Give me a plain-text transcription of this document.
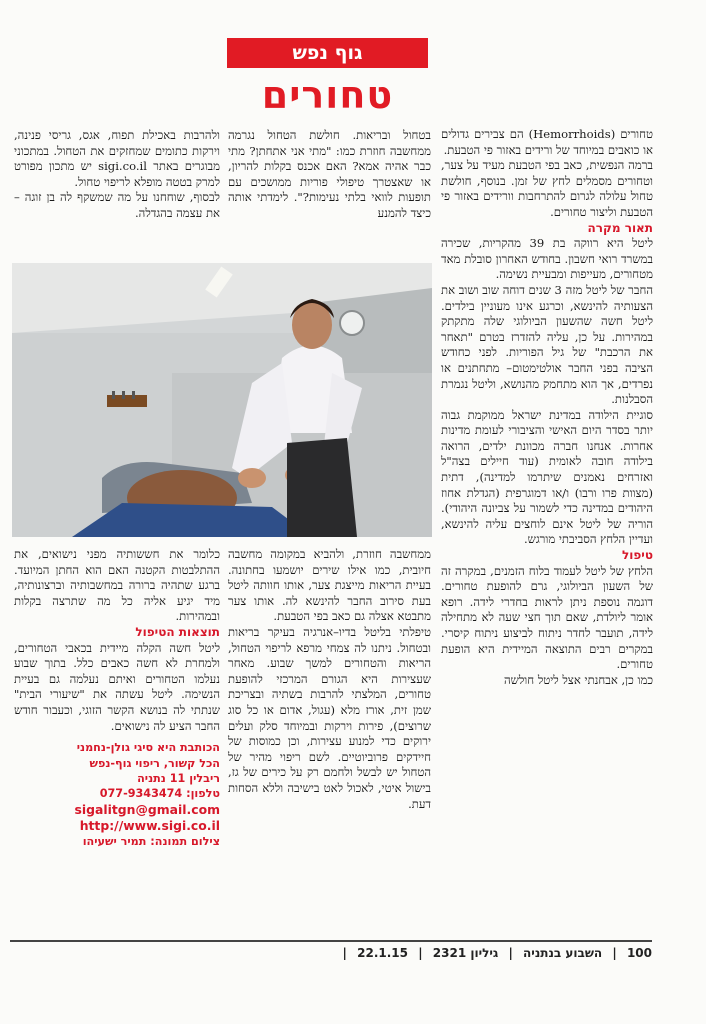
גוף נפש
טחורים

טחורים (Hemorrhoids) הם צבירים גדולים או כואבים במיוחד של ורידים באזור פי הטבעת.

ברמה הנפשית, כאב בפי הטבעת מעיד על צער, וטחורים מסמלים לחץ של זמן. בנוסף, חולשת טחול עלולה לגרום להתרחבות וורידים באזור פי הטבעת וליצור טחורים.

תאור מקרה

ליטל היא רווקה בת 39 מהקריות, שכירה במשרד רואי חשבון. בחודש האחרון סובלת מאד מטחורים, מעייפות ומבעיית נשימה.

החבר של ליטל מזה 3 שנים דוחה שוב ושוב את הצעותיה להינשא, וכרגע אינו מעוניין בילדים. ליטל חשה שהשעון הביולוגי שלה מתקתק במהירות. על כן, עליה להזדרז בטרם "תאחר את הרכבת" של גיל הפוריות. לפני כחודש הציבה בפני החבר אולטימטום– מתחתנים או נפרדים, אך הוא מתחמק מהנושא, וליטל נגמרת הסבלנות.

סוגיית הילודה במדינת ישראל ממוקמת גבוה יותר בסדר היום האישי והציבורי לעומת מדינות אחרות. אנחנו חברה מכוונת ילדים, הרואה בילודה חובה לאומית (עוד חיילים בצה"ל ואזרחים נאמנים שיתרמו למדינה), דתית (מצוות פרו ורבו) ו/או דמוגרפית (הגדלת אחוז היהודים במדינה כדי לשמור על צביונה היהודי). הוריה של ליטל אינם לוחצים עליה להינשא, ועדיין הלחץ הסביבתי מורגש.

טיפול

הלחץ של ליטל לעמוד בלוח הזמנים, במקרה זה של השעון הביולוגי, גרם להופעת טחורים. דוגמה נוספת ניתן לראות בחדרי לידה. רופא אומר ליולדת, שאם תוך חצי שעה לא מתחילה לידה, תועבר לחדר ניתוח לביצוע ניתוח קיסרי. במקרים רבים התוצאה המיידית היא הופעת טחורים.

כמו כן, אבחנתי אצל ליטל חולשה

בטחול ובריאות. חולשת הטחול נגרמה ממחשבה חוזרת כמו: "מתי אני אתחתן? מתי כבר אהיה אמא? האם אכנס בקלות להריון, או שאצטרך טיפולי פוריות ממושכים עם תופעות לוואי בלתי נעימות?". לימדתי אותה כיצד להמנע

ולהרבות באכילת תפוח, אגס, גריסי פנינה, וירקות כתומים שמחזקים את הטחול. במתכוני מבוגרים באתר sigi.co.il יש מתכון מפורט למרק בטטה מופלא לריפוי טחול.

לבסוף, שוחחנו על מה שמשקף לה בן זוגה – את עצמה בהגדלה.

ממחשבה חוזרת, ולהביא במקומה מחשבה חיובית, כמו אילו שירים יושמעו בחתונה. בעיית הריאות מייצגת צער, אותו חוותה ליטל בעת סירוב החבר להינשא לה. אותו צער מתבטא אצלה גם כאב בפי הטבעת.

טיפלתי בליטל בדיו–אנרגיה בעיקר בריאות ובטחול. ניתנו לה צמחי מרפא לריפוי הטחול, הריאות והטחורים למשך שבוע. מאחר שעצירות היא הגורם המרכזי להופעת טחורים, המלצתי להרבות בשתיה ובצריכת שמן זית, אורז מלא (עגול, אדום או כל סוג שרוצים), פירות וירקות ובמיוחד סלק ועלים ירוקים כדי למנוע עצירות, וכן כמוסות של חיידקים פרוביוטיים. לשם ריפוי מהיר של הטחול יש לבשל ולחמם רק על כירים של גז, בישול איטי, לאכול לאט בישיבה וללא הסחות דעת.

כלומר את חששותיה מפני נישואים, את ההתלבטות הקטנה האם הוא החתן המיועד. ברגע שתהיה ברורה במחשבותיה וברצונותיה, מיד יגיע אליה כל מה שתרצה בקלות ובמהירות.

תוצאות הטיפול

ליטל חשה הקלה מיידית בכאבי הטחורים, ולמחרת לא חשה כאבים כלל. בתוך שבוע נעלמו הטחורים ואיתם נעלמה גם בעיית הנשימה. ליטל עשתה את "שיעורי הבית" שנתתי לה בנושא הקשר הזוגי, וכעבור חודש החבר הציע לה נישואים.

הכותבת היא סיגי גולן-נחמני
הכל קשור, ריפוי גוף-נפש
ריבלין 11 נתניה
טלפון: 077-9343474
sigalitgn@gmail.com
http://www.sigi.co.il
צילום תמונה: תמיר ישעיהו
100 | השבוע בנתניה | גיליון 2321 | 22.1.15 |
